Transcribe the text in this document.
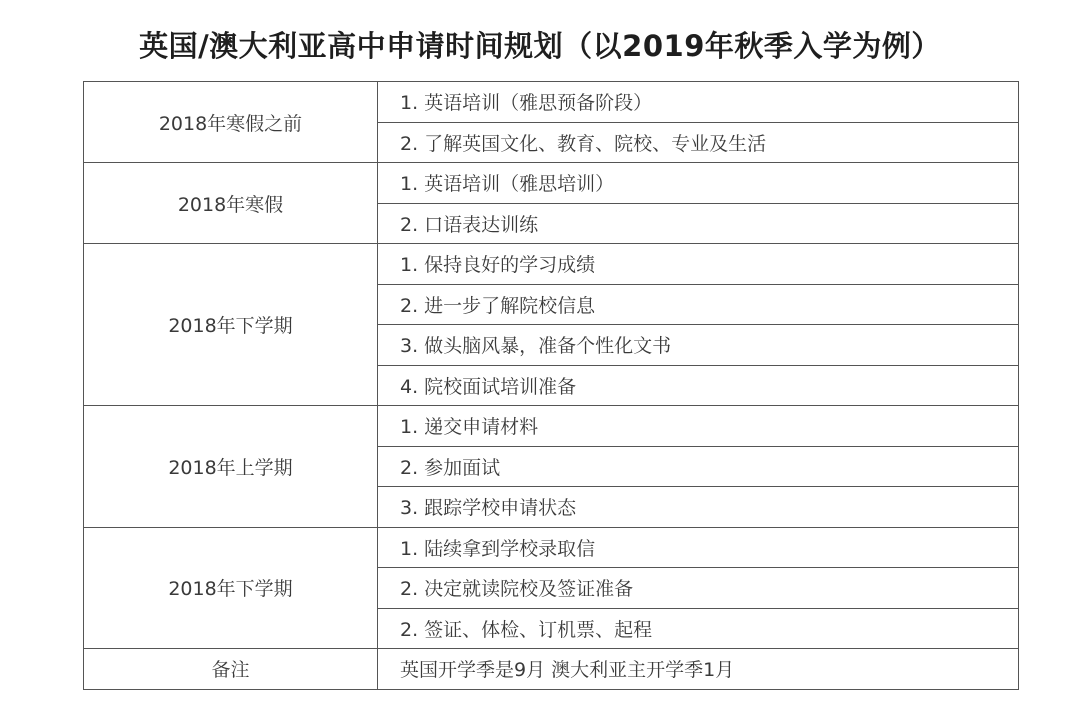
英国/澳大利亚高中申请时间规划（以2019年秋季入学为例）
2018年寒假之前	1. 英语培训（雅思预备阶段）
	2. 了解英国文化、教育、院校、专业及生活
2018年寒假	1. 英语培训（雅思培训）
	2. 口语表达训练
2018年下学期	1. 保持良好的学习成绩
	2. 进一步了解院校信息
	3. 做头脑风暴，准备个性化文书
	4. 院校面试培训准备
2018年上学期	1. 递交申请材料
	2. 参加面试
	3. 跟踪学校申请状态
2018年下学期	1. 陆续拿到学校录取信
	2. 决定就读院校及签证准备
	2. 签证、体检、订机票、起程
备注	英国开学季是9月 澳大利亚主开学季1月
